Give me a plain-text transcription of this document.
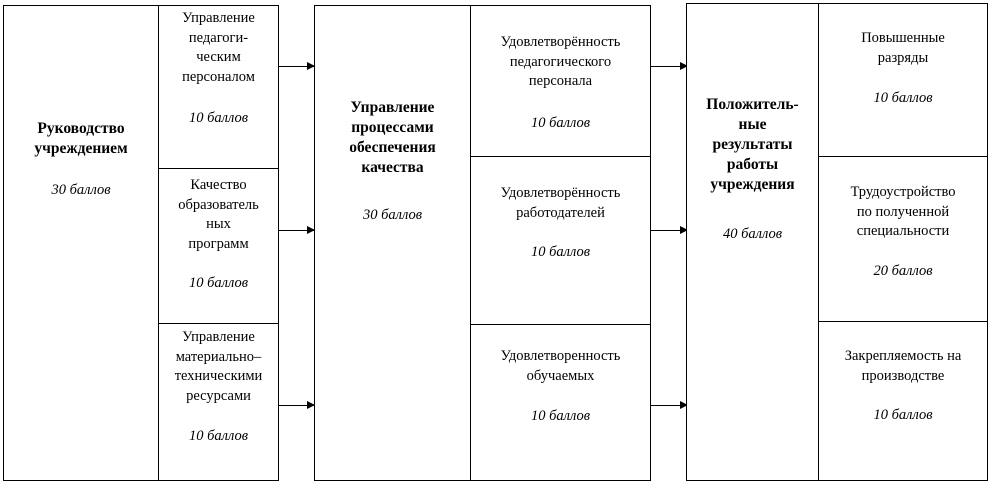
Руководство
учреждением
30 баллов
Управление
педагоги-
ческим
персоналом
10 баллов
Качество
образователь
ных
программ
10 баллов
Управление
материально–
техническими
ресурсами
10 баллов
Управление
процессами
обеспечения
качества
30 баллов
Удовлетворённость
педагогического
персонала
10 баллов
Удовлетворённость
работодателей
10 баллов
Удовлетворенность
обучаемых
10 баллов
Положитель-
ные
результаты
работы
учреждения
40 баллов
Повышенные
разряды
10 баллов
Трудоустройство
по полученной
специальности
20 баллов
Закрепляемость на
производстве
10 баллов
